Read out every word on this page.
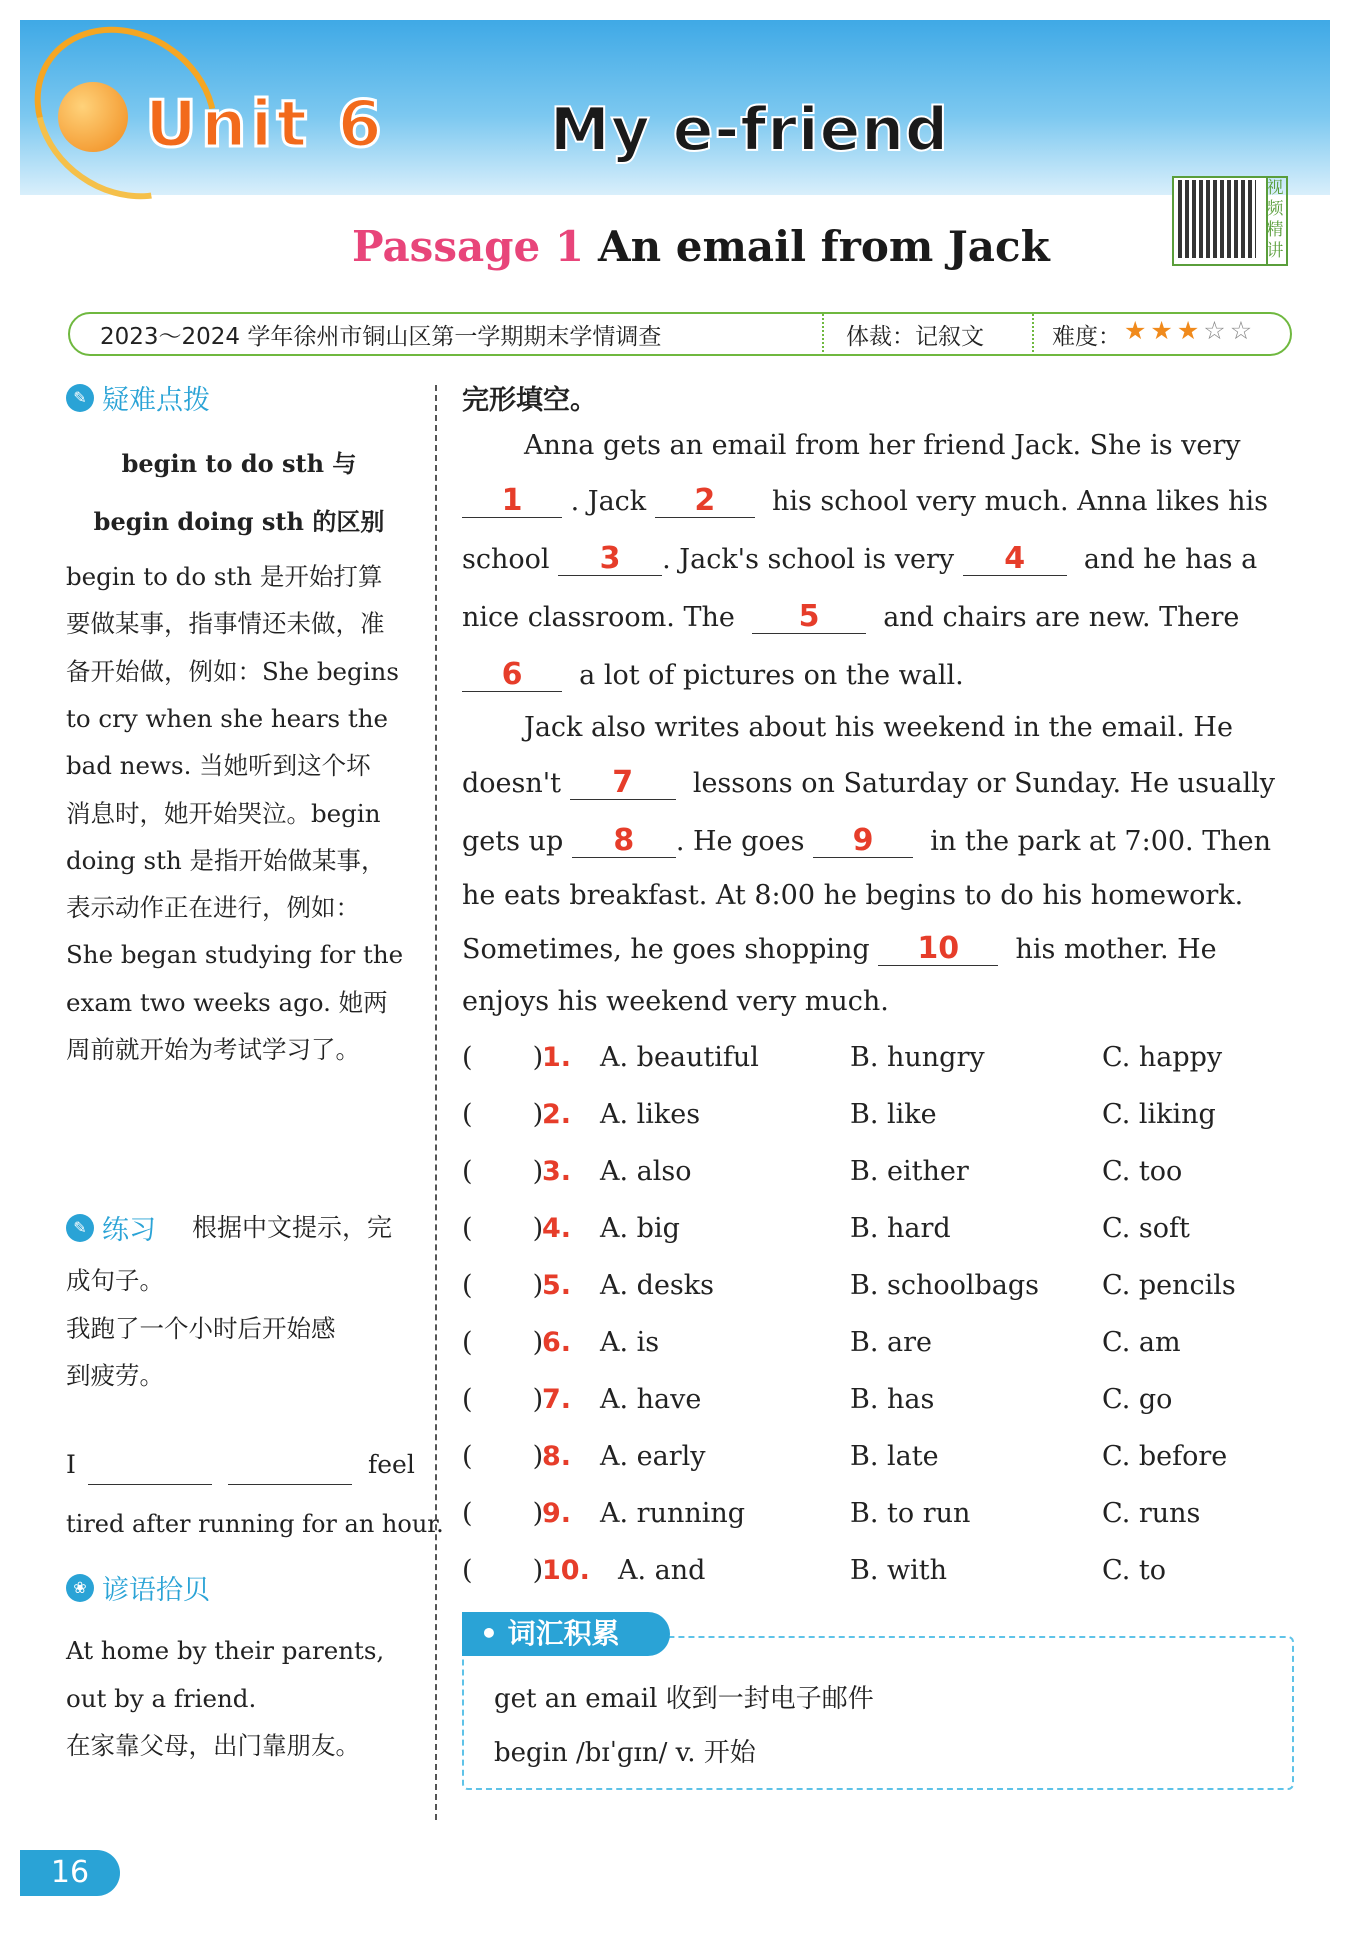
Unit 6	My e-friend
视频精讲
Passage 1 An email from Jack
2023～2024 学年徐州市铜山区第一学期期末学情调查	体裁：记叙文	难度： ★★★☆☆
✎ 疑难点拨
begin to do sth 与
begin doing sth 的区别
begin to do sth 是开始打算
要做某事，指事情还未做，准
备开始做，例如：She begins
to cry when she hears the
bad news. 当她听到这个坏
消息时，她开始哭泣。begin
doing sth 是指开始做某事，
表示动作正在进行，例如：
She began studying for the
exam two weeks ago. 她两
周前就开始为考试学习了。
✎ 练习 根据中文提示，完
成句子。
我跑了一个小时后开始感
到疲劳。
I	feel
tired after running for an hour.
❀ 谚语拾贝
At home by their parents,
out by a friend.
在家靠父母，出门靠朋友。
完形填空。
Anna gets an email from her friend Jack. She is very
1 . Jack 2 his school very much. Anna likes his
school 3 . Jack's school is very 4 and he has a
nice classroom. The 5 and chairs are new. There
6 a lot of pictures on the wall.
Jack also writes about his weekend in the email. He
doesn't 7 lessons on Saturday or Sunday. He usually
gets up 8 . He goes 9 in the park at 7:00. Then
he eats breakfast. At 8:00 he begins to do his homework.
Sometimes, he goes shopping 10 his mother. He
enjoys his weekend very much.
(       )
1. A. beautiful	B. hungry	C. happy
(       )
2. A. likes	B. like	C. liking
(       )
3. A. also	B. either	C. too
(       )
4. A. big	B. hard	C. soft
(       )
5. A. desks	B. schoolbags C. pencils
(       )
6. A. is	B. are	C. am
(       )
7. A. have	B. has	C. go
(       )
8. A. early	B. late	C. before
(       )
9. A. running	B. to run	C. runs
(       )
10. A. and	B. with	C. to
• 词汇积累
get an email 收到一封电子邮件
begin /bɪˈɡɪn/ v. 开始
16
